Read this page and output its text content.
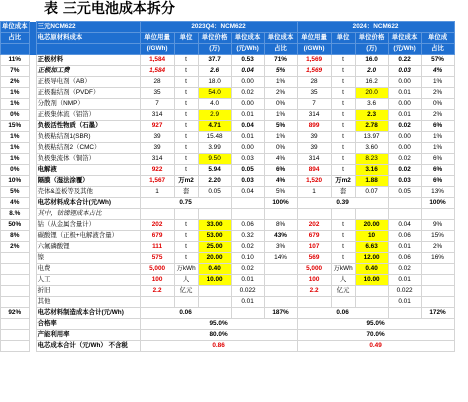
表 三元电池成本拆分
单位成本		三元NCM622	2023Q4：NCM622					2024：NCM622				
占比		电芯原材料成本	单位用量	单位	单位价格	单位成本	单位成本	单位用量	单位	单位价格	单位成本	单位成
			(/GWh)		(万)	(元/Wh)	占比	(/GWh)		(万)	(元/Wh)	占比
11%		正极材料	1,584	t	37.7	0.53	71%	1,569	t	16.0	0.22	57%
7%		正极加工费	1,584	t	2.6	0.04	5%	1,569	t	2.0	0.03	4%
2%		正极导电剂（AB）	28	t	18.0	0.00	1%	28	t	16.2	0.00	1%
1%		正极黏结剂（PVDF）	35	t	54.0	0.02	2%	35	t	20.0	0.01	2%
1%		分散剂（NMP）	7	t	4.0	0.00	0%	7	t	3.6	0.00	0%
0%		正极集体流（铝箔）	314	t	2.9	0.01	1%	314	t	2.3	0.01	2%
15%		负极活性物质（石墨）	927	t	4.71	0.04	5%	899	t	2.78	0.02	6%
1%		负极粘结剂1(SBR)	39	t	15.48	0.01	1%	39	t	13.97	0.00	1%
1%		负极粘结剂2（CMC）	39	t	3.99	0.00	0%	39	t	3.60	0.00	1%
1%		负极集流体（铜箔）	314	t	9.50	0.03	4%	314	t	8.23	0.02	6%
0%		电解液	922	t	5.94	0.05	6%	894	t	3.16	0.02	6%
10%		隔膜（湿法涂覆）	1,567	万m2	2.20	0.03	4%	1,520	万m2	1.88	0.03	6%
5%		壳体&盖板等及其他	1	套	0.05	0.04	5%	1	套	0.07	0.05	13%
4%		电芯材料成本合计(元/Wh)	0.75				100%	0.39				100%
8.%		其中，钴镍锂成本占比										
50%		钴（从金属含量计）	202	t	33.00	0.06	8%	202	t	20.00	0.04	9%
8%		碳酸锂（正极+电解液含量）	679	t	53.00	0.32	43%	679	t	10	0.06	15%
2%		六氟磷酸锂	111	t	25.00	0.02	3%	107	t	6.63	0.01	2%
		镍	575	t	20.00	0.10	14%	569	t	12.00	0.06	16%
		电费	5,000	万kWh	0.40	0.02		5,000	万kWh	0.40	0.02	
		人工	100	人	10.00	0.01		100	人	10.00	0.01	
		折旧	2.2	亿元		0.022		2.2	亿元		0.022	
		其他				0.01					0.01	
92%		电芯材料制造成本合计(元/Wh)	0.06				187%	0.06				172%
		合格率	95.0%					95.0%				
		产能利用率	80.0%					70.0%				
		电芯成本合计（元/Wh） 不含税	0.86					0.49				
